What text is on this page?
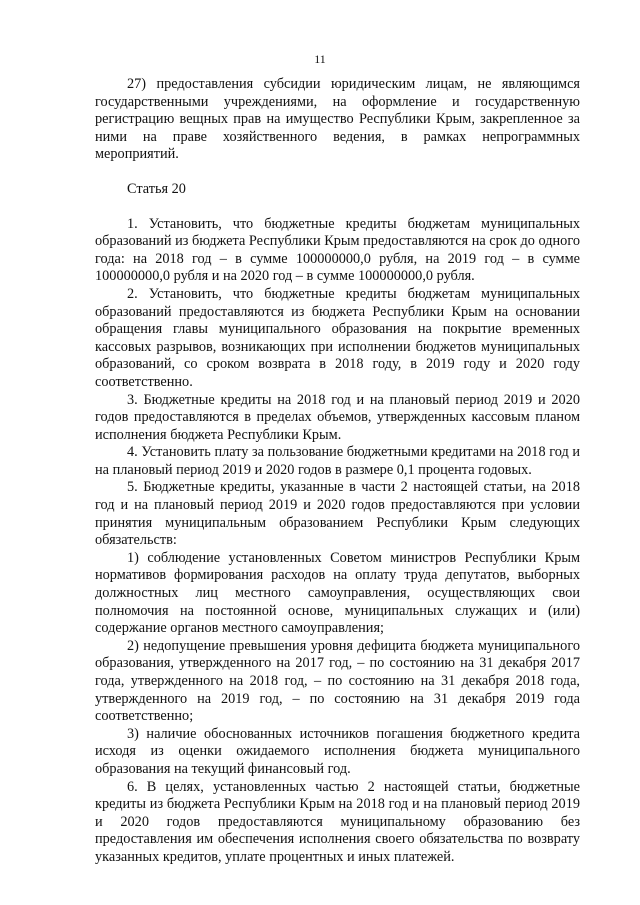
11

27) предоставления субсидии юридическим лицам, не являющимся государственными учреждениями, на оформление и государственную регистрацию вещных прав на имущество Республики Крым, закрепленное за ними на праве хозяйственного ведения, в рамках непрограммных мероприятий.

Статья 20

1. Установить, что бюджетные кредиты бюджетам муниципальных образований из бюджета Республики Крым предоставляются на срок до одного года: на 2018 год – в сумме 100000000,0 рубля, на 2019 год – в сумме 100000000,0 рубля и на 2020 год – в сумме 100000000,0 рубля.

2. Установить, что бюджетные кредиты бюджетам муниципальных образований предоставляются из бюджета Республики Крым на основании обращения главы муниципального образования на покрытие временных кассовых разрывов, возникающих при исполнении бюджетов муниципальных образований, со сроком возврата в 2018 году, в 2019 году и 2020 году соответственно.

3. Бюджетные кредиты на 2018 год и на плановый период 2019 и 2020 годов предоставляются в пределах объемов, утвержденных кассовым планом исполнения бюджета Республики Крым.

4. Установить плату за пользование бюджетными кредитами на 2018 год и на плановый период 2019 и 2020 годов в размере 0,1 процента годовых.

5. Бюджетные кредиты, указанные в части 2 настоящей статьи, на 2018 год и на плановый период 2019 и 2020 годов предоставляются при условии принятия муниципальным образованием Республики Крым следующих обязательств:

1) соблюдение установленных Советом министров Республики Крым нормативов формирования расходов на оплату труда депутатов, выборных должностных лиц местного самоуправления, осуществляющих свои полномочия на постоянной основе, муниципальных служащих и (или) содержание органов местного самоуправления;

2) недопущение превышения уровня дефицита бюджета муниципального образования, утвержденного на 2017 год, – по состоянию на 31 декабря 2017 года, утвержденного на 2018 год, – по состоянию на 31 декабря 2018 года, утвержденного на 2019 год, – по состоянию на 31 декабря 2019 года соответственно;

3) наличие обоснованных источников погашения бюджетного кредита исходя из оценки ожидаемого исполнения бюджета муниципального образования на текущий финансовый год.

6. В целях, установленных частью 2 настоящей статьи, бюджетные кредиты из бюджета Республики Крым на 2018 год и на плановый период 2019 и 2020 годов предоставляются муниципальному образованию без предоставления им обеспечения исполнения своего обязательства по возврату указанных кредитов, уплате процентных и иных платежей.
